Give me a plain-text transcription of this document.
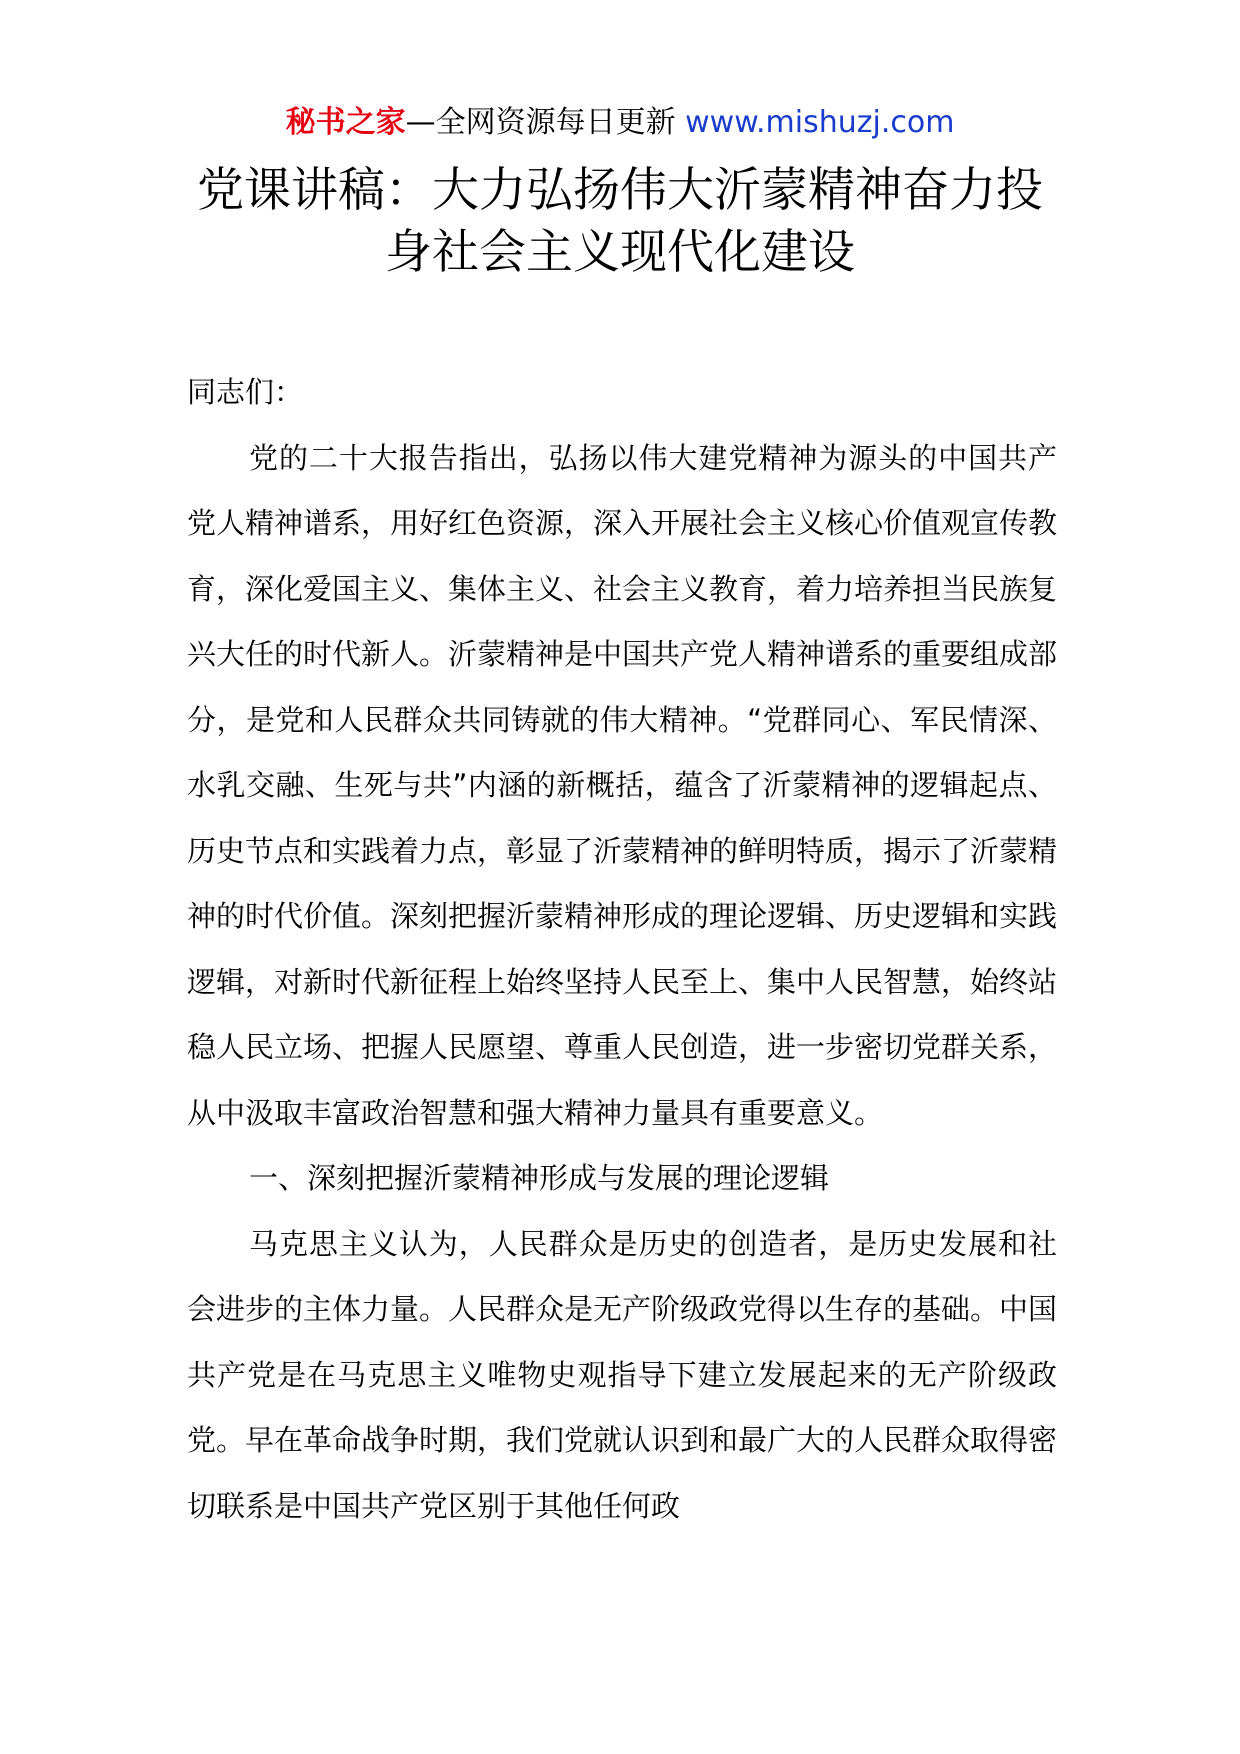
秘书之家—全网资源每日更新 www.mishuzj.com
党课讲稿：大力弘扬伟大沂蒙精神奋力投
身社会主义现代化建设

同志们：

党的二十大报告指出，弘扬以伟大建党精神为源头的中国共产党人精神谱系，用好红色资源，深入开展社会主义核心价值观宣传教育，深化爱国主义、集体主义、社会主义教育，着力培养担当民族复兴大任的时代新人。沂蒙精神是中国共产党人精神谱系的重要组成部分，是党和人民群众共同铸就的伟大精神。“党群同心、军民情深、水乳交融、生死与共”内涵的新概括，蕴含了沂蒙精神的逻辑起点、历史节点和实践着力点，彰显了沂蒙精神的鲜明特质，揭示了沂蒙精神的时代价值。深刻把握沂蒙精神形成的理论逻辑、历史逻辑和实践逻辑，对新时代新征程上始终坚持人民至上、集中人民智慧，始终站稳人民立场、把握人民愿望、尊重人民创造，进一步密切党群关系，从中汲取丰富政治智慧和强大精神力量具有重要意义。

一、深刻把握沂蒙精神形成与发展的理论逻辑

马克思主义认为，人民群众是历史的创造者，是历史发展和社会进步的主体力量。人民群众是无产阶级政党得以生存的基础。中国共产党是在马克思主义唯物史观指导下建立发展起来的无产阶级政党。早在革命战争时期，我们党就认识到和最广大的人民群众取得密切联系是中国共产党区别于其他任何政
